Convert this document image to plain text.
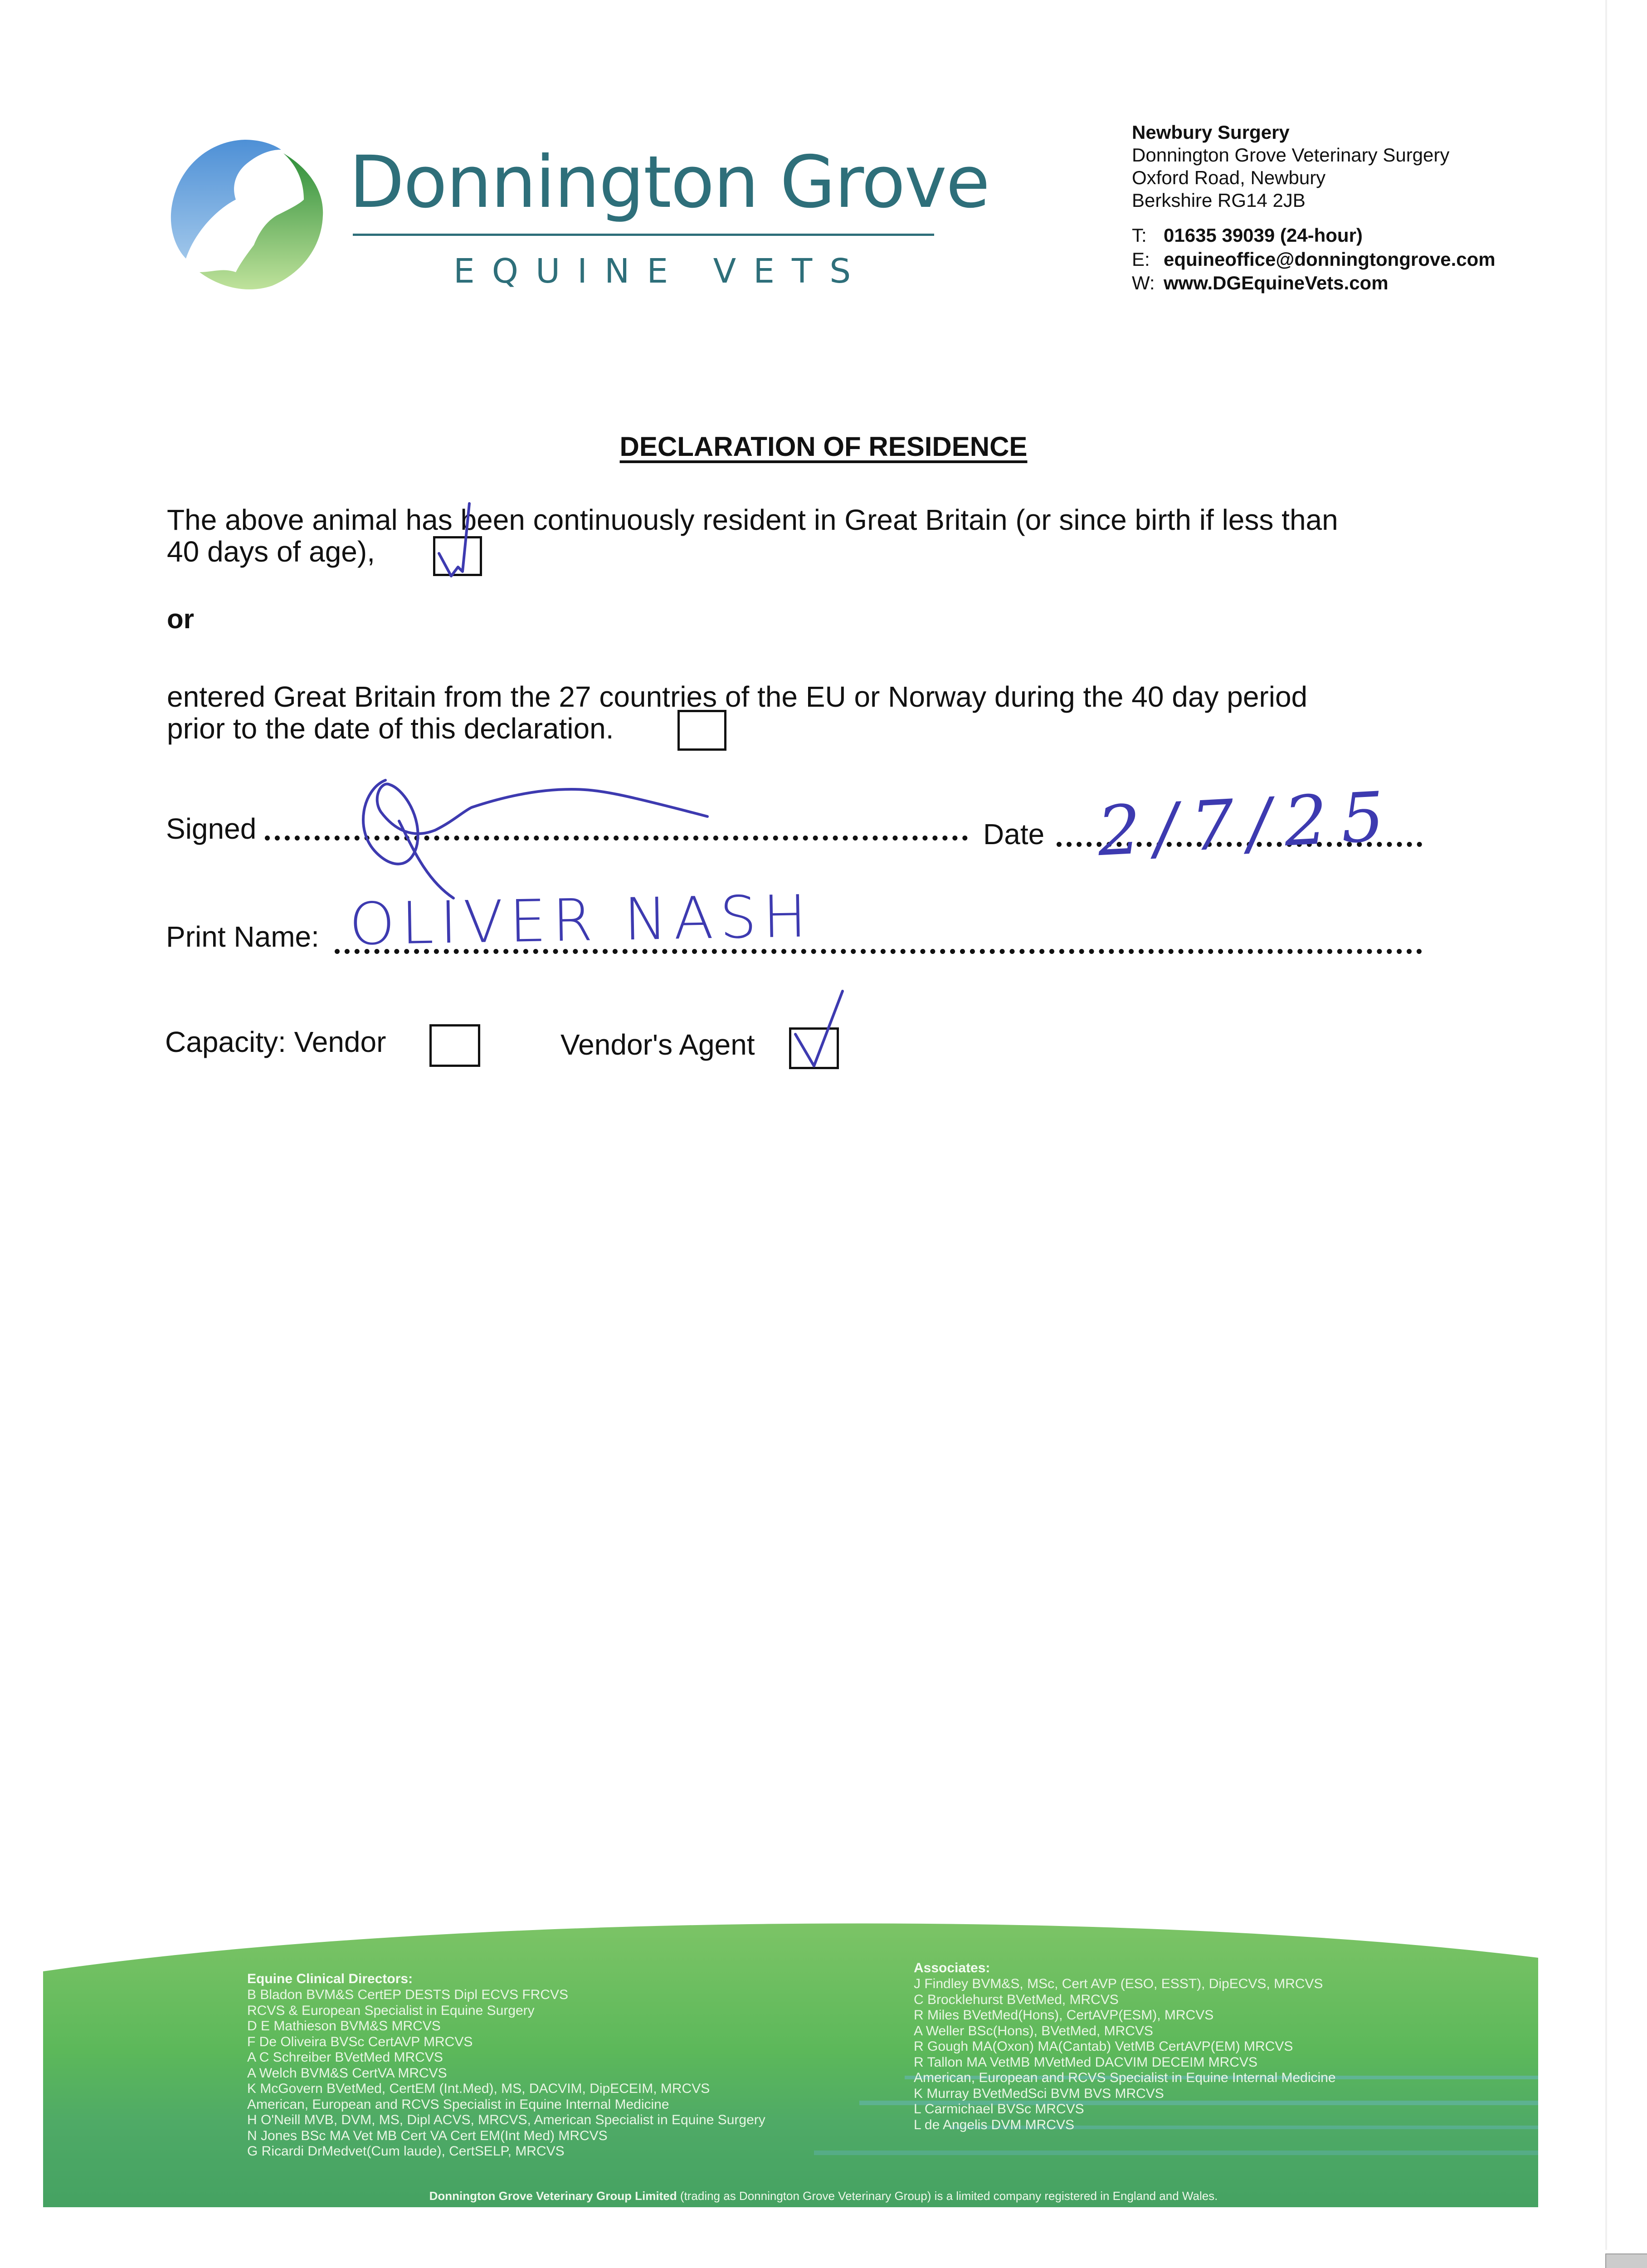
Donnington Grove
EQUINE VETS
Newbury Surgery
Donnington Grove Veterinary Surgery
Oxford Road, Newbury
Berkshire RG14 2JB
T: 01635 39039 (24-hour)
E: equineoffice@donningtongrove.com
W: www.DGEquineVets.com
DECLARATION OF RESIDENCE
The above animal has been continuously resident in Great Britain (or since birth if less than
40 days of age),
or
entered Great Britain from the 27 countries of the EU or Norway during the 40 day period
prior to the date of this declaration.
Signed	Date 2/7/25
Print Name: OLIVER NASH
Capacity: Vendor	Vendor's Agent
Equine Clinical Directors:
B Bladon BVM&S CertEP DESTS Dipl ECVS FRCVS
RCVS & European Specialist in Equine Surgery
D E Mathieson BVM&S MRCVS
F De Oliveira BVSc CertAVP MRCVS
A C Schreiber BVetMed MRCVS
A Welch BVM&S CertVA MRCVS
K McGovern BVetMed, CertEM (Int.Med), MS, DACVIM, DipECEIM, MRCVS
American, European and RCVS Specialist in Equine Internal Medicine
H O'Neill MVB, DVM, MS, Dipl ACVS, MRCVS, American Specialist in Equine Surgery
N Jones BSc MA Vet MB Cert VA Cert EM(Int Med) MRCVS
G Ricardi DrMedvet(Cum laude), CertSELP, MRCVS
Associates:
J Findley BVM&S, MSc, Cert AVP (ESO, ESST), DipECVS, MRCVS
C Brocklehurst BVetMed, MRCVS
R Miles BVetMed(Hons), CertAVP(ESM), MRCVS
A Weller BSc(Hons), BVetMed, MRCVS
R Gough MA(Oxon) MA(Cantab) VetMB CertAVP(EM) MRCVS
R Tallon MA VetMB MVetMed DACVIM DECEIM MRCVS
American, European and RCVS Specialist in Equine Internal Medicine
K Murray BVetMedSci BVM BVS MRCVS
L Carmichael BVSc MRCVS
L de Angelis DVM MRCVS
Donnington Grove Veterinary Group Limited (trading as Donnington Grove Veterinary Group) is a limited company registered in England and Wales.
